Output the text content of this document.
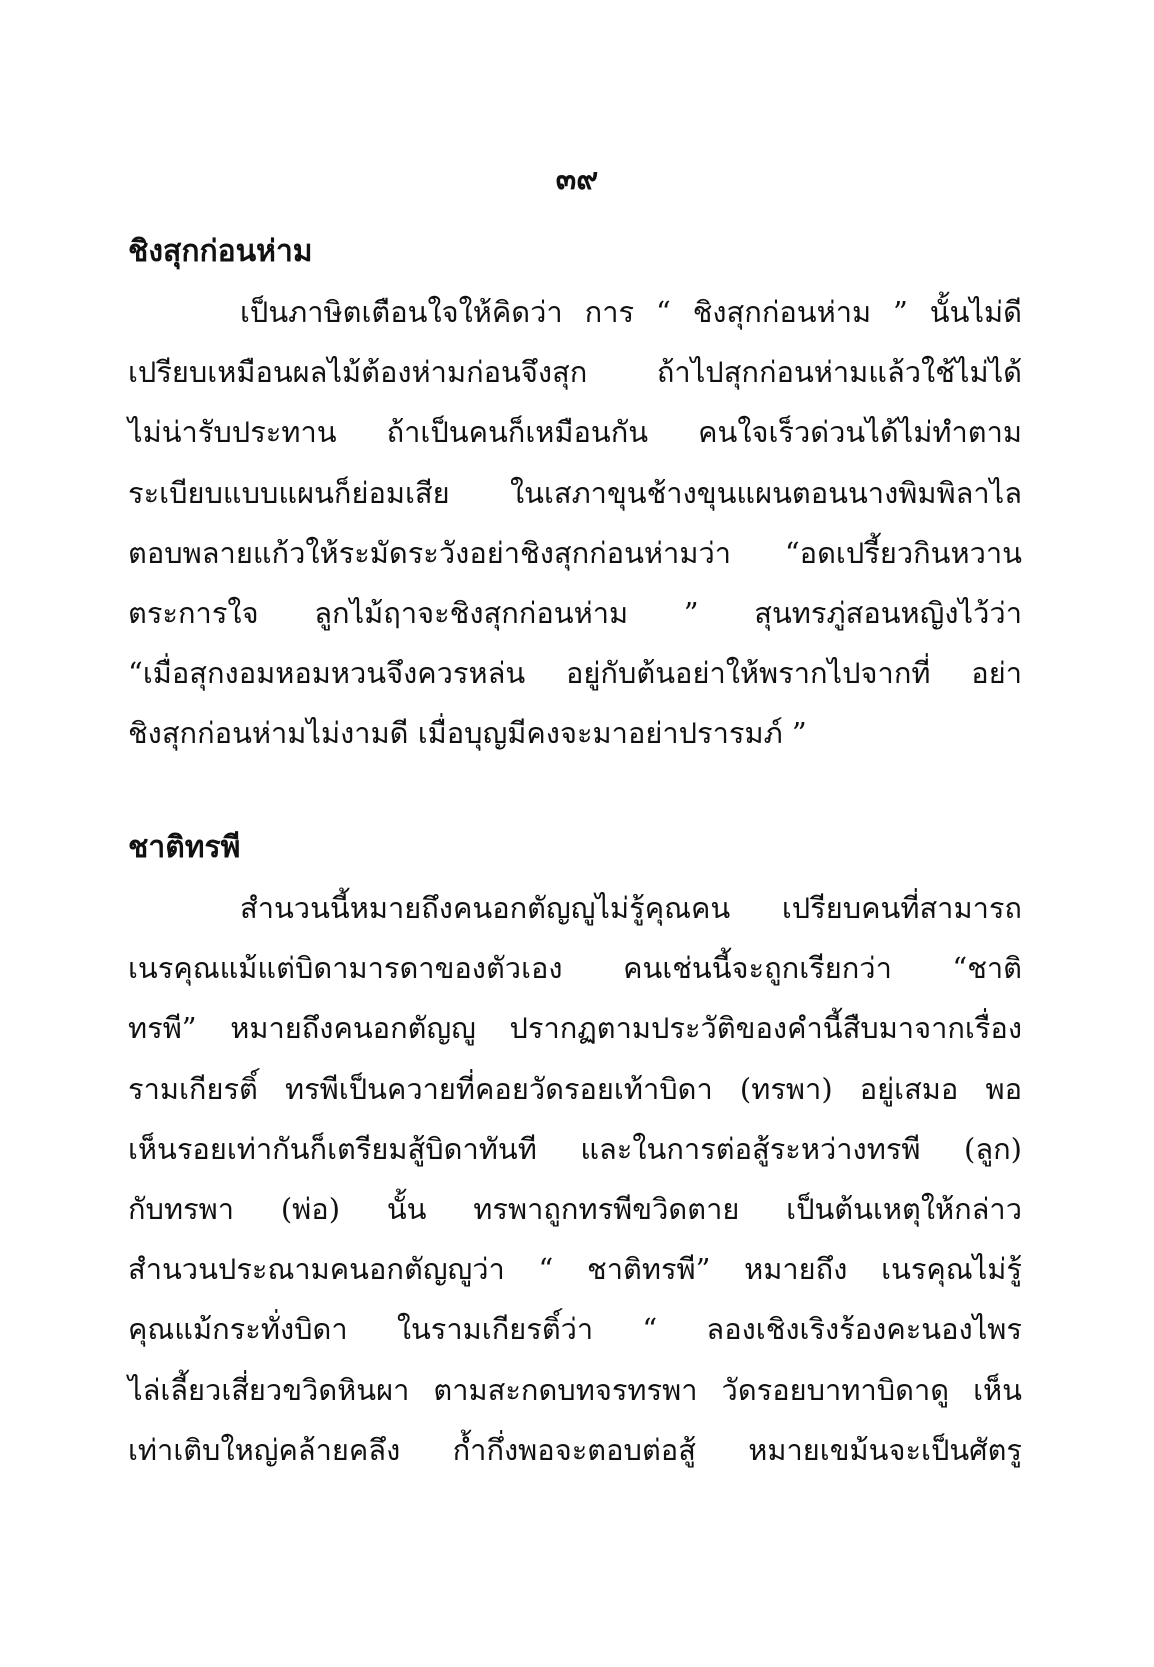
๓๙
ชิงสุกก่อนห่าม
เป็นภาษิตเตือนใจให้คิดว่า การ “ ชิงสุกก่อนห่าม ” นั้นไม่ดี
เปรียบเหมือนผลไม้ต้องห่ามก่อนจึงสุก ถ้าไปสุกก่อนห่ามแล้วใช้ไม่ได้
ไม่น่ารับประทาน ถ้าเป็นคนก็เหมือนกัน คนใจเร็วด่วนได้ไม่ทำตาม
ระเบียบแบบแผนก็ย่อมเสีย ในเสภาขุนช้างขุนแผนตอนนางพิมพิลาไล
ตอบพลายแก้วให้ระมัดระวังอย่าชิงสุกก่อนห่ามว่า “อดเปรี้ยวกินหวาน
ตระการใจ ลูกไม้ฤาจะชิงสุกก่อนห่าม ” สุนทรภู่สอนหญิงไว้ว่า
“เมื่อสุกงอมหอมหวนจึงควรหล่น อยู่กับต้นอย่าให้พรากไปจากที่ อย่า
ชิงสุกก่อนห่ามไม่งามดี เมื่อบุญมีคงจะมาอย่าปรารมภ์ ”
ชาติทรพี
สำนวนนี้หมายถึงคนอกตัญญูไม่รู้คุณคน เปรียบคนที่สามารถ
เนรคุณแม้แต่บิดามารดาของตัวเอง คนเช่นนี้จะถูกเรียกว่า “ชาติ
ทรพี” หมายถึงคนอกตัญญู ปรากฏตามประวัติของคำนี้สืบมาจากเรื่อง
รามเกียรติ์ ทรพีเป็นควายที่คอยวัดรอยเท้าบิดา (ทรพา) อยู่เสมอ พอ
เห็นรอยเท่ากันก็เตรียมสู้บิดาทันที และในการต่อสู้ระหว่างทรพี (ลูก)
กับทรพา (พ่อ) นั้น ทรพาถูกทรพีขวิดตาย เป็นต้นเหตุให้กล่าว
สำนวนประณามคนอกตัญญูว่า “ ชาติทรพี” หมายถึง เนรคุณไม่รู้
คุณแม้กระทั่งบิดา ในรามเกียรติ์ว่า “ ลองเชิงเริงร้องคะนองไพร
ไล่เลี้ยวเสี่ยวขวิดหินผา ตามสะกดบทจรทรพา วัดรอยบาทาบิดาดู เห็น
เท่าเติบใหญ่คล้ายคลึง ก้ำกึ่งพอจะตอบต่อสู้ หมายเขม้นจะเป็นศัตรู
